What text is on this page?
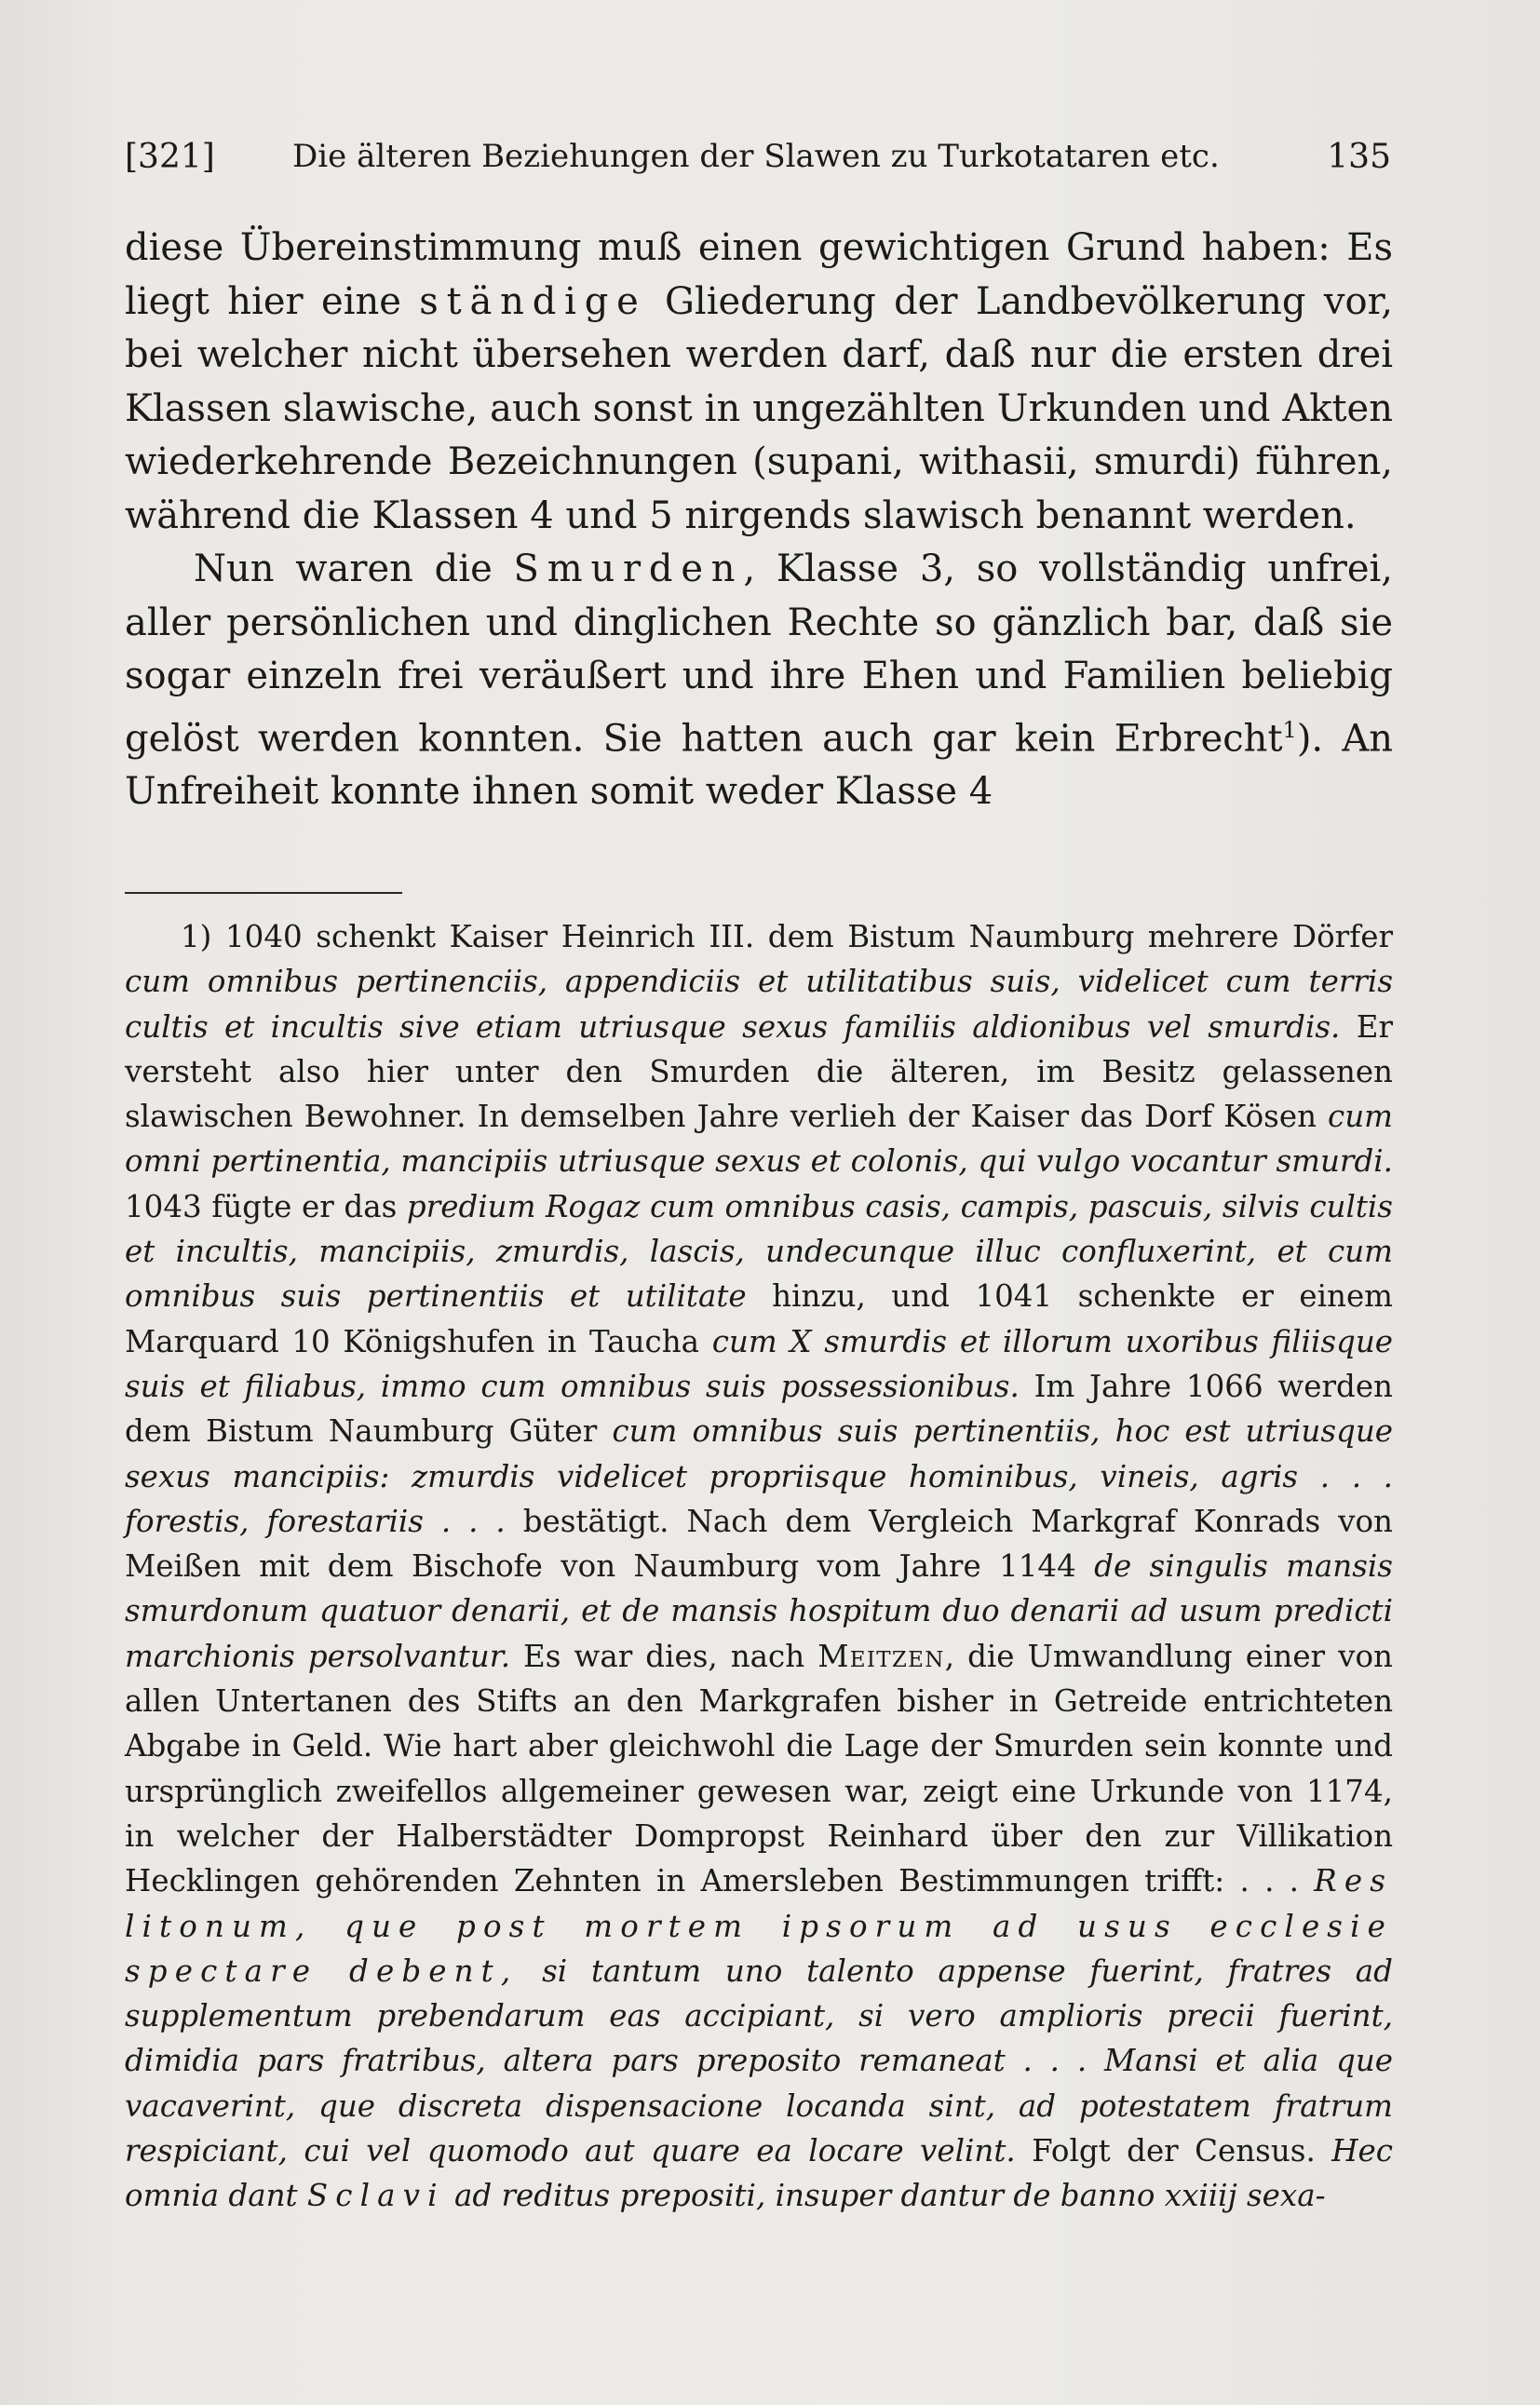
[321] Die älteren Beziehungen der Slawen zu Turkotataren etc.	135

diese Übereinstimmung muß einen gewichtigen Grund haben: Es liegt hier eine ständige Gliederung der Landbevölkerung vor, bei welcher nicht übersehen werden darf, daß nur die ersten drei Klassen slawische, auch sonst in ungezählten Urkunden und Akten wiederkehrende Bezeichnungen (supani, withasii, smurdi) führen, während die Klassen 4 und 5 nirgends slawisch benannt werden.

Nun waren die Smurden, Klasse 3, so vollständig unfrei, aller persönlichen und dinglichen Rechte so gänzlich bar, daß sie sogar einzeln frei veräußert und ihre Ehen und Familien beliebig gelöst werden konnten. Sie hatten auch gar kein Erbrecht$^1$). An Unfreiheit konnte ihnen somit weder Klasse 4

1) 1040 schenkt Kaiser Heinrich III. dem Bistum Naumburg mehrere Dörfer cum omnibus pertinenciis, appendiciis et utilitatibus suis, videlicet cum terris cultis et incultis sive etiam utriusque sexus familiis aldionibus vel smurdis. Er versteht also hier unter den Smurden die älteren, im Besitz gelassenen slawischen Bewohner. In demselben Jahre verlieh der Kaiser das Dorf Kösen cum omni pertinentia, mancipiis utriusque sexus et colonis, qui vulgo vocantur smurdi. 1043 fügte er das predium Rogaz cum omnibus casis, campis, pascuis, silvis cultis et incultis, mancipiis, zmurdis, lascis, undecunque illuc confluxerint, et cum omnibus suis pertinentiis et utilitate hinzu, und 1041 schenkte er einem Marquard 10 Königshufen in Taucha cum X smurdis et illorum uxoribus filiisque suis et filiabus, immo cum omnibus suis possessionibus. Im Jahre 1066 werden dem Bistum Naumburg Güter cum omnibus suis pertinentiis, hoc est utriusque sexus mancipiis: zmurdis videlicet propriisque hominibus, vineis, agris . . . forestis, forestariis . . . bestätigt. Nach dem Vergleich Markgraf Konrads von Meißen mit dem Bischofe von Naumburg vom Jahre 1144 de singulis mansis smurdonum quatuor denarii, et de mansis hospitum duo denarii ad usum predicti marchionis persolvantur. Es war dies, nach Meitzen, die Umwandlung einer von allen Untertanen des Stifts an den Markgrafen bisher in Getreide entrichteten Abgabe in Geld. Wie hart aber gleichwohl die Lage der Smurden sein konnte und ursprünglich zweifellos allgemeiner gewesen war, zeigt eine Urkunde von 1174, in welcher der Halberstädter Dompropst Reinhard über den zur Villikation Hecklingen gehörenden Zehnten in Amersleben Bestimmungen trifft: . . . Res litonum, que post mortem ipsorum ad usus ecclesie spectare debent, si tantum uno talento appense fuerint, fratres ad supplementum prebendarum eas accipiant, si vero amplioris precii fuerint, dimidia pars fratribus, altera pars preposito remaneat . . . Mansi et alia que vacaverint, que discreta dispensacione locanda sint, ad potestatem fratrum respiciant, cui vel quomodo aut quare ea locare velint. Folgt der Census. Hec omnia dant Sclavi ad reditus prepositi, insuper dantur de banno xxiiij sexa-
